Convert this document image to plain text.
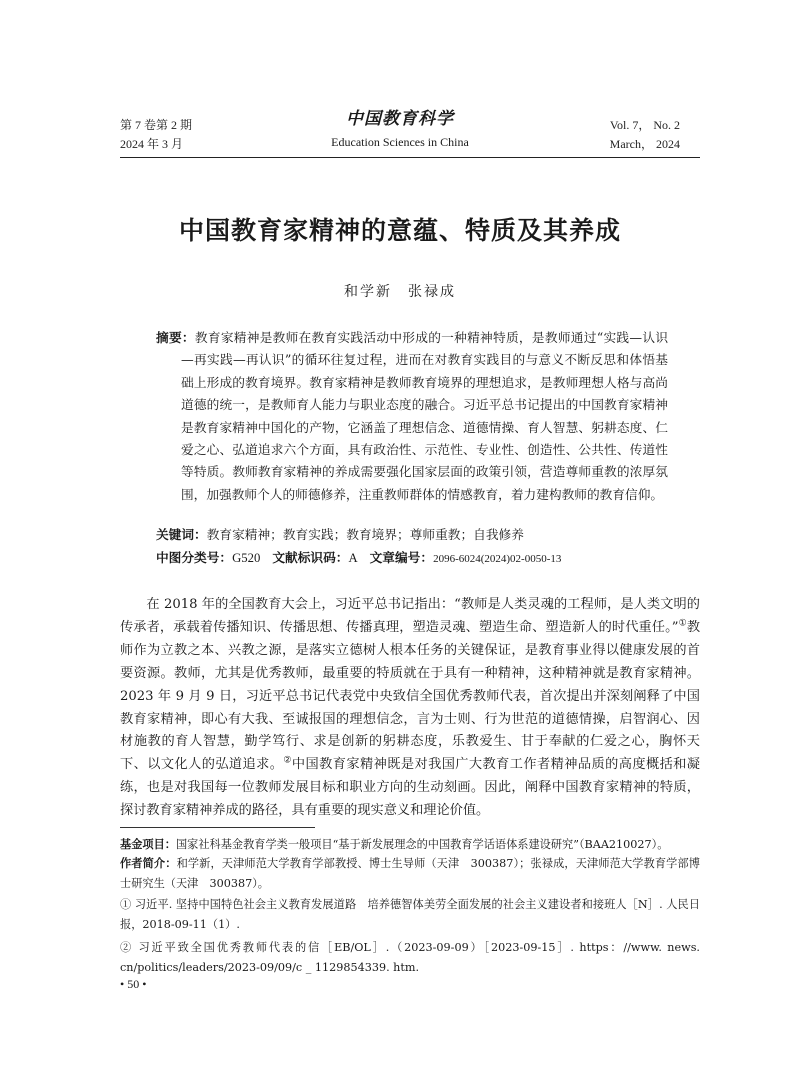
第 7 卷第 2 期
2024 年 3 月
中国教育科学
Education Sciences in China
Vol. 7， No. 2
March， 2024
中国教育家精神的意蕴、特质及其养成
和学新　张禄成
摘要：教育家精神是教师在教育实践活动中形成的一种精神特质，是教师通过“实践—认识—再实践—再认识”的循环往复过程，进而在对教育实践目的与意义不断反思和体悟基础上形成的教育境界。教育家精神是教师教育境界的理想追求，是教师理想人格与高尚道德的统一，是教师育人能力与职业态度的融合。习近平总书记提出的中国教育家精神是教育家精神中国化的产物，它涵盖了理想信念、道德情操、育人智慧、躬耕态度、仁爱之心、弘道追求六个方面，具有政治性、示范性、专业性、创造性、公共性、传道性等特质。教师教育家精神的养成需要强化国家层面的政策引领，营造尊师重教的浓厚氛围，加强教师个人的师德修养，注重教师群体的情感教育，着力建构教师的教育信仰。
关键词：教育家精神；教育实践；教育境界；尊师重教；自我修养
中图分类号：G520 文献标识码：A 文章编号：2096-6024(2024)02-0050-13

在 2018 年的全国教育大会上，习近平总书记指出：“教师是人类灵魂的工程师，是人类文明的传承者，承载着传播知识、传播思想、传播真理，塑造灵魂、塑造生命、塑造新人的时代重任。”①教师作为立教之本、兴教之源，是落实立德树人根本任务的关键保证，是教育事业得以健康发展的首要资源。教师，尤其是优秀教师，最重要的特质就在于具有一种精神，这种精神就是教育家精神。2023 年 9 月 9 日，习近平总书记代表党中央致信全国优秀教师代表，首次提出并深刻阐释了中国教育家精神，即心有大我、至诚报国的理想信念，言为士则、行为世范的道德情操，启智润心、因材施教的育人智慧，勤学笃行、求是创新的躬耕态度，乐教爱生、甘于奉献的仁爱之心，胸怀天下、以文化人的弘道追求。②中国教育家精神既是对我国广大教育工作者精神品质的高度概括和凝练，也是对我国每一位教师发展目标和职业方向的生动刻画。因此，阐释中国教育家精神的特质，探讨教育家精神养成的路径，具有重要的现实意义和理论价值。

基金项目：国家社科基金教育学类一般项目“基于新发展理念的中国教育学话语体系建设研究”（BAA210027）。
作者简介：和学新，天津师范大学教育学部教授、博士生导师（天津　300387）；张禄成，天津师范大学教育学部博士研究生（天津　300387）。
① 习近平. 坚持中国特色社会主义教育发展道路　培养德智体美劳全面发展的社会主义建设者和接班人［N］. 人民日报，2018-09-11（1）.
② 习近平致全国优秀教师代表的信［EB/OL］.（2023-09-09）［2023-09-15］. https：//www. news. cn/politics/leaders/2023-09/09/c _ 1129854339. htm.
• 50 •
